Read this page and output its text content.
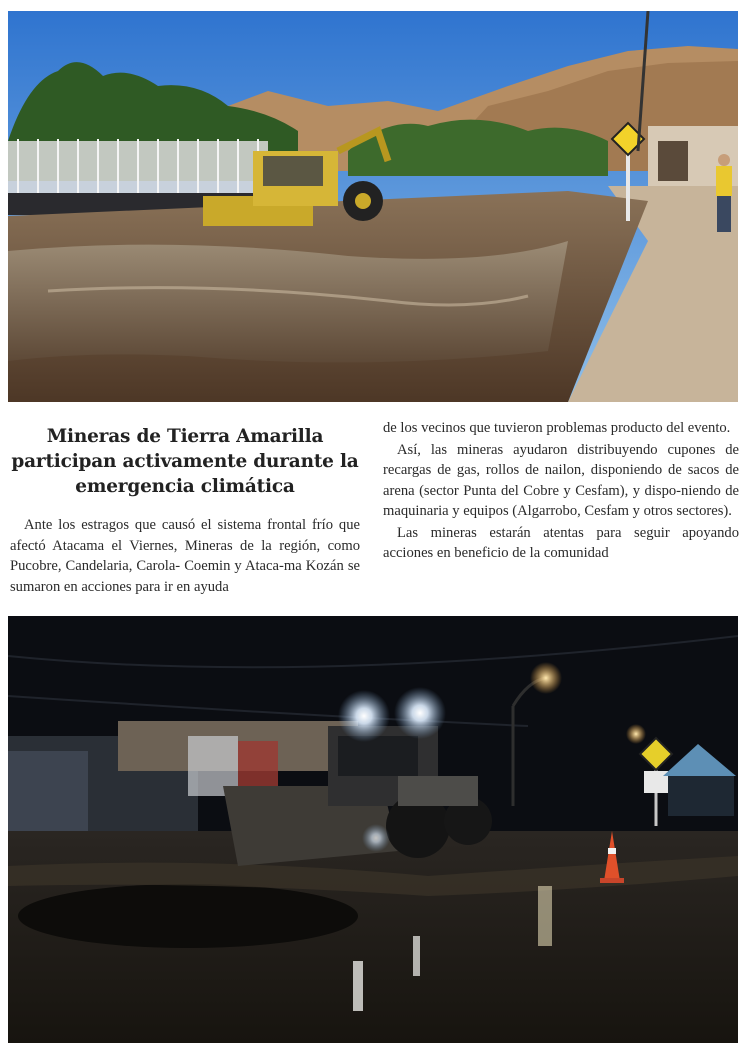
Mineras de Tierra Amarilla
participan activamente durante la
emergencia climática

Ante los estragos que causó el sistema frontal frío que afectó Atacama el Viernes, Mineras de la región, como Pucobre, Candelaria, Carola- Coemin y Ataca-ma Kozán se sumaron en acciones para ir en ayuda

de los vecinos que tuvieron problemas producto del evento.

Así, las mineras ayudaron distribuyendo cupones de recargas de gas, rollos de nailon, disponiendo de sacos de arena (sector Punta del Cobre y Cesfam), y dispo-niendo de maquinaria y equipos (Algarrobo, Cesfam y otros sectores).

Las mineras estarán atentas para seguir apoyando acciones en beneficio de la comunidad
